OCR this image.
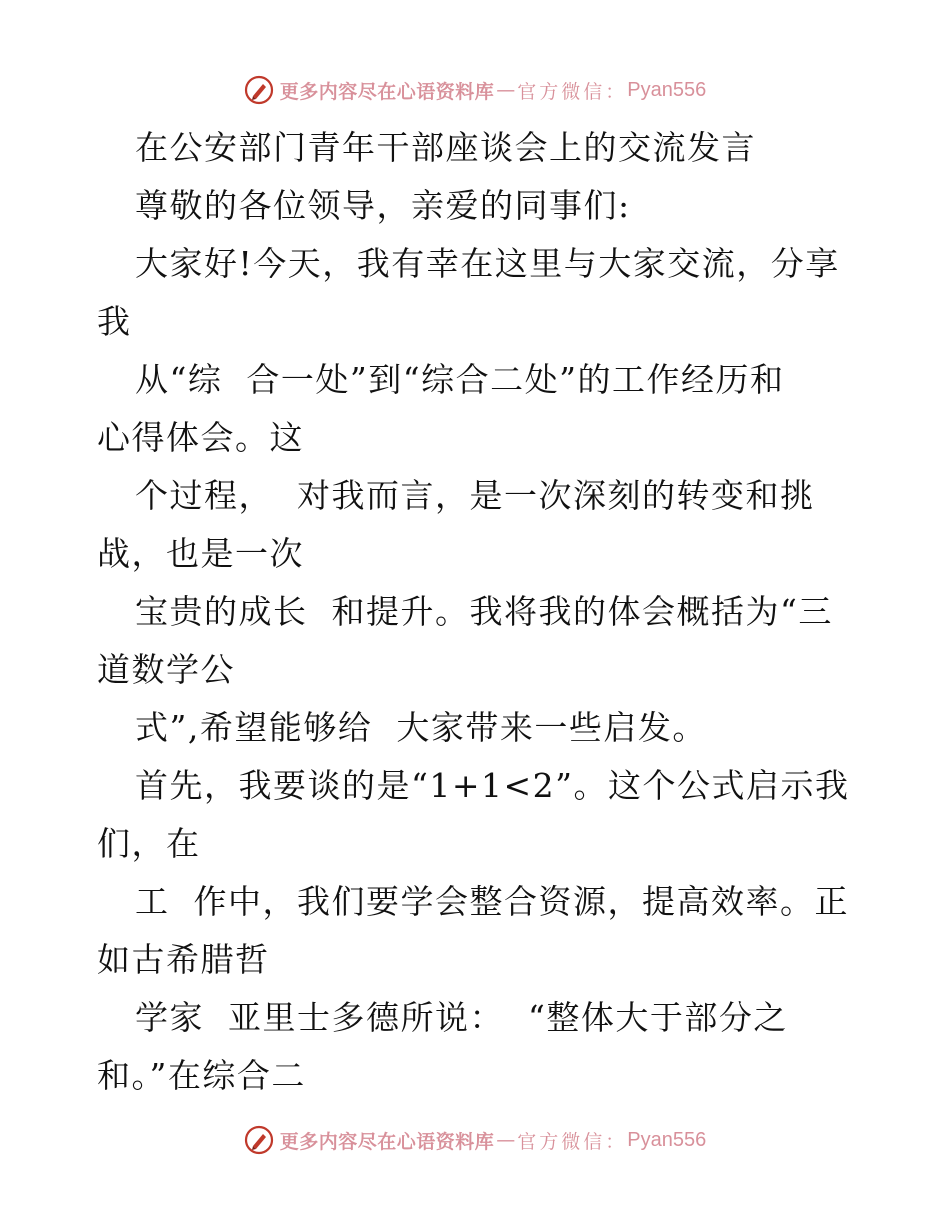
更多内容尽在心语资料库 — 官方微信： Pyan556
在公安部门青年干部座谈会上的交流发言
尊敬的各位领导，亲爱的同事们:
大家好!今天，我有幸在这里与大家交流，分享
我
从“综  合一处”到“综合二处”的工作经历和
心得体会。这
个过程，  对我而言，是一次深刻的转变和挑
战，也是一次
宝贵的成长  和提升。我将我的体会概括为“三
道数学公
式”,希望能够给  大家带来一些启发。
首先，我要谈的是“1+1<2”。这个公式启示我
们，在
工  作中，我们要学会整合资源，提高效率。正
如古希腊哲
学家  亚里士多德所说：  “整体大于部分之
和。”在综合二
更多内容尽在心语资料库 — 官方微信： Pyan556
